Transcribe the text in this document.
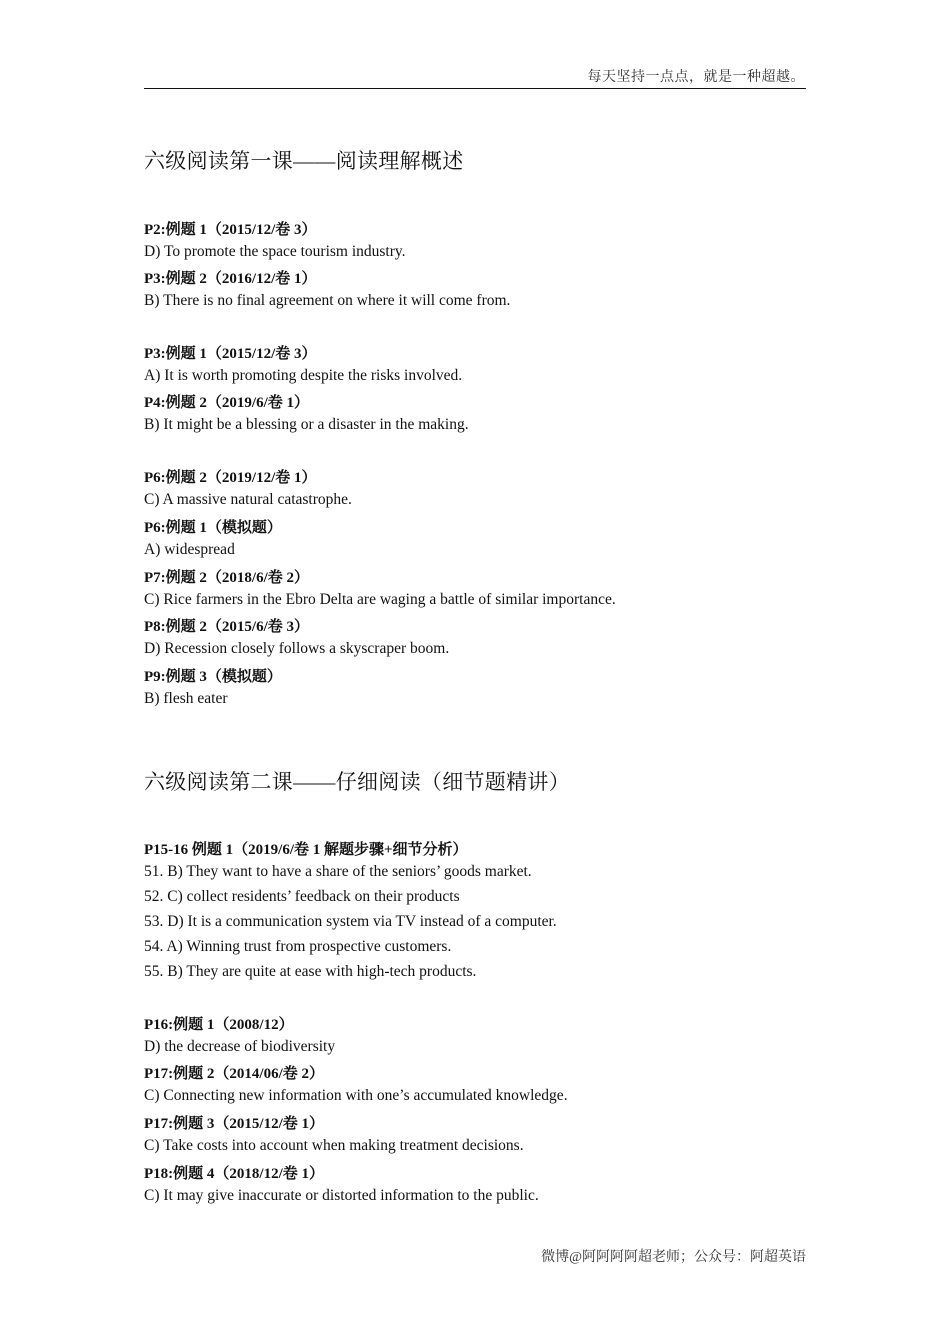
每天坚持一点点，就是一种超越。
六级阅读第一课——阅读理解概述
P2:例题 1（2015/12/卷 3）
D) To promote the space tourism industry.
P3:例题 2（2016/12/卷 1）
B) There is no final agreement on where it will come from.
P3:例题 1（2015/12/卷 3）
A) It is worth promoting despite the risks involved.
P4:例题 2（2019/6/卷 1）
B) It might be a blessing or a disaster in the making.
P6:例题 2（2019/12/卷 1）
C) A massive natural catastrophe.
P6:例题 1（模拟题）
A) widespread
P7:例题 2（2018/6/卷 2）
C) Rice farmers in the Ebro Delta are waging a battle of similar importance.
P8:例题 2（2015/6/卷 3）
D) Recession closely follows a skyscraper boom.
P9:例题 3（模拟题）
B) flesh eater
六级阅读第二课——仔细阅读（细节题精讲）
P15-16 例题 1（2019/6/卷 1 解题步骤+细节分析）
51. B) They want to have a share of the seniors’ goods market.
52. C) collect residents’ feedback on their products
53. D) It is a communication system via TV instead of a computer.
54. A) Winning trust from prospective customers.
55. B) They are quite at ease with high-tech products.
P16:例题 1（2008/12）
D) the decrease of biodiversity
P17:例题 2（2014/06/卷 2）
C) Connecting new information with one’s accumulated knowledge.
P17:例题 3（2015/12/卷 1）
C) Take costs into account when making treatment decisions.
P18:例题 4（2018/12/卷 1）
C) It may give inaccurate or distorted information to the public.
微博@阿阿阿阿超老师；公众号：阿超英语
